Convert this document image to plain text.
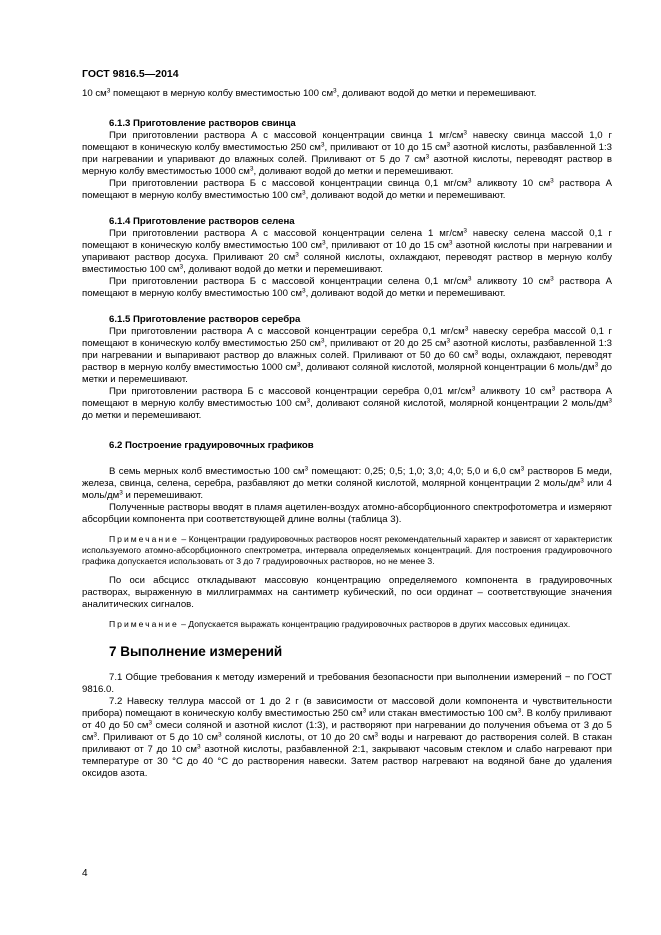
ГОСТ 9816.5—2014

10 $см^3$ помещают в мерную колбу вместимостью 100 $см^3$, доливают водой до метки и перемешивают.

6.1.3 Приготовление растворов свинца

При приготовлении раствора А с массовой концентрации свинца 1 $мг/см^3$ навеску свинца массой 1,0 г помещают в коническую колбу вместимостью 250 $см^3$, приливают от 10 до 15 $см^3$ азотной кислоты, разбавленной 1:3 при нагревании и упаривают до влажных солей. Приливают от 5 до 7 $см^3$ азотной кислоты, переводят раствор в мерную колбу вместимостью 1000 $см^3$, доливают водой до метки и перемешивают.

При приготовлении раствора Б с массовой концентрации свинца 0,1 $мг/см^3$ аликвоту 10 $см^3$ раствора А помещают в мерную колбу вместимостью 100 $см^3$, доливают водой до метки и перемешивают.

6.1.4 Приготовление растворов селена

При приготовлении раствора А с массовой концентрации селена 1 $мг/см^3$ навеску селена массой 0,1 г помещают в коническую колбу вместимостью 100 $см^3$, приливают от 10 до 15 $см^3$ азотной кислоты при нагревании и упаривают раствор досуха. Приливают 20 $см^3$ соляной кислоты, охлаждают, переводят раствор в мерную колбу вместимостью 100 $см^3$, доливают водой до метки и перемешивают.

При приготовлении раствора Б с массовой концентрации селена 0,1 $мг/см^3$ аликвоту 10 $см^3$ раствора А помещают в мерную колбу вместимостью 100 $см^3$, доливают водой до метки и перемешивают.

6.1.5 Приготовление растворов серебра

При приготовлении раствора А с массовой концентрации серебра 0,1 $мг/см^3$ навеску серебра массой 0,1 г помещают в коническую колбу вместимостью 250 $см^3$, приливают от 20 до 25 $см^3$ азотной кислоты, разбавленной 1:3 при нагревании и выпаривают раствор до влажных солей. Приливают от 50 до 60 $см^3$ воды, охлаждают, переводят раствор в мерную колбу вместимостью 1000 $см^3$, доливают соляной кислотой, молярной концентрации 6 моль/$дм^3$ до метки и перемешивают.

При приготовлении раствора Б с массовой концентрации серебра 0,01 $мг/см^3$ аликвоту 10 $см^3$ раствора А помещают в мерную колбу вместимостью 100 $см^3$, доливают соляной кислотой, молярной концентрации 2 моль/$дм^3$ до метки и перемешивают.

6.2 Построение градуировочных графиков

В семь мерных колб вместимостью 100 $см^3$ помещают: 0,25; 0,5; 1,0; 3,0; 4,0; 5,0 и 6,0 $см^3$ растворов Б меди, железа, свинца, селена, серебра, разбавляют до метки соляной кислотой, молярной концентрации 2 моль/$дм^3$ или 4 моль/$дм^3$ и перемешивают.

Полученные растворы вводят в пламя ацетилен-воздух атомно-абсорбционного спектрофотометра и измеряют абсорбции компонента при соответствующей длине волны (таблица 3).

Примечание – Концентрации градуировочных растворов носят рекомендательный характер и зависят от характеристик используемого атомно-абсорбционного спектрометра, интервала определяемых концентраций. Для построения градуировочного графика допускается использовать от 3 до 7 градуировочных растворов, но не менее 3.

По оси абсцисс откладывают массовую концентрацию определяемого компонента в градуировочных растворах, выраженную в миллиграммах на сантиметр кубический, по оси ординат – соответствующие значения аналитических сигналов.

Примечание – Допускается выражать концентрацию градуировочных растворов в других массовых единицах.

7 Выполнение измерений

7.1 Общие требования к методу измерений и требования безопасности при выполнении измерений − по ГОСТ 9816.0.

7.2 Навеску теллура массой от 1 до 2 г (в зависимости от массовой доли компонента и чувствительности прибора) помещают в коническую колбу вместимостью 250 $см^3$ или стакан вместимостью 100 $см^3$. В колбу приливают от 40 до 50 $см^3$ смеси соляной и азотной кислот (1:3), и растворяют при нагревании до получения объема от 3 до 5 $см^3$. Приливают от 5 до 10 $см^3$ соляной кислоты, от 10 до 20 $см^3$ воды и нагревают до растворения солей. В стакан приливают от 7 до 10 $см^3$ азотной кислоты, разбавленной 2:1, закрывают часовым стеклом и слабо нагревают при температуре от 30 °С до 40 °С до растворения навески. Затем раствор нагревают на водяной бане до удаления оксидов азота.

4
